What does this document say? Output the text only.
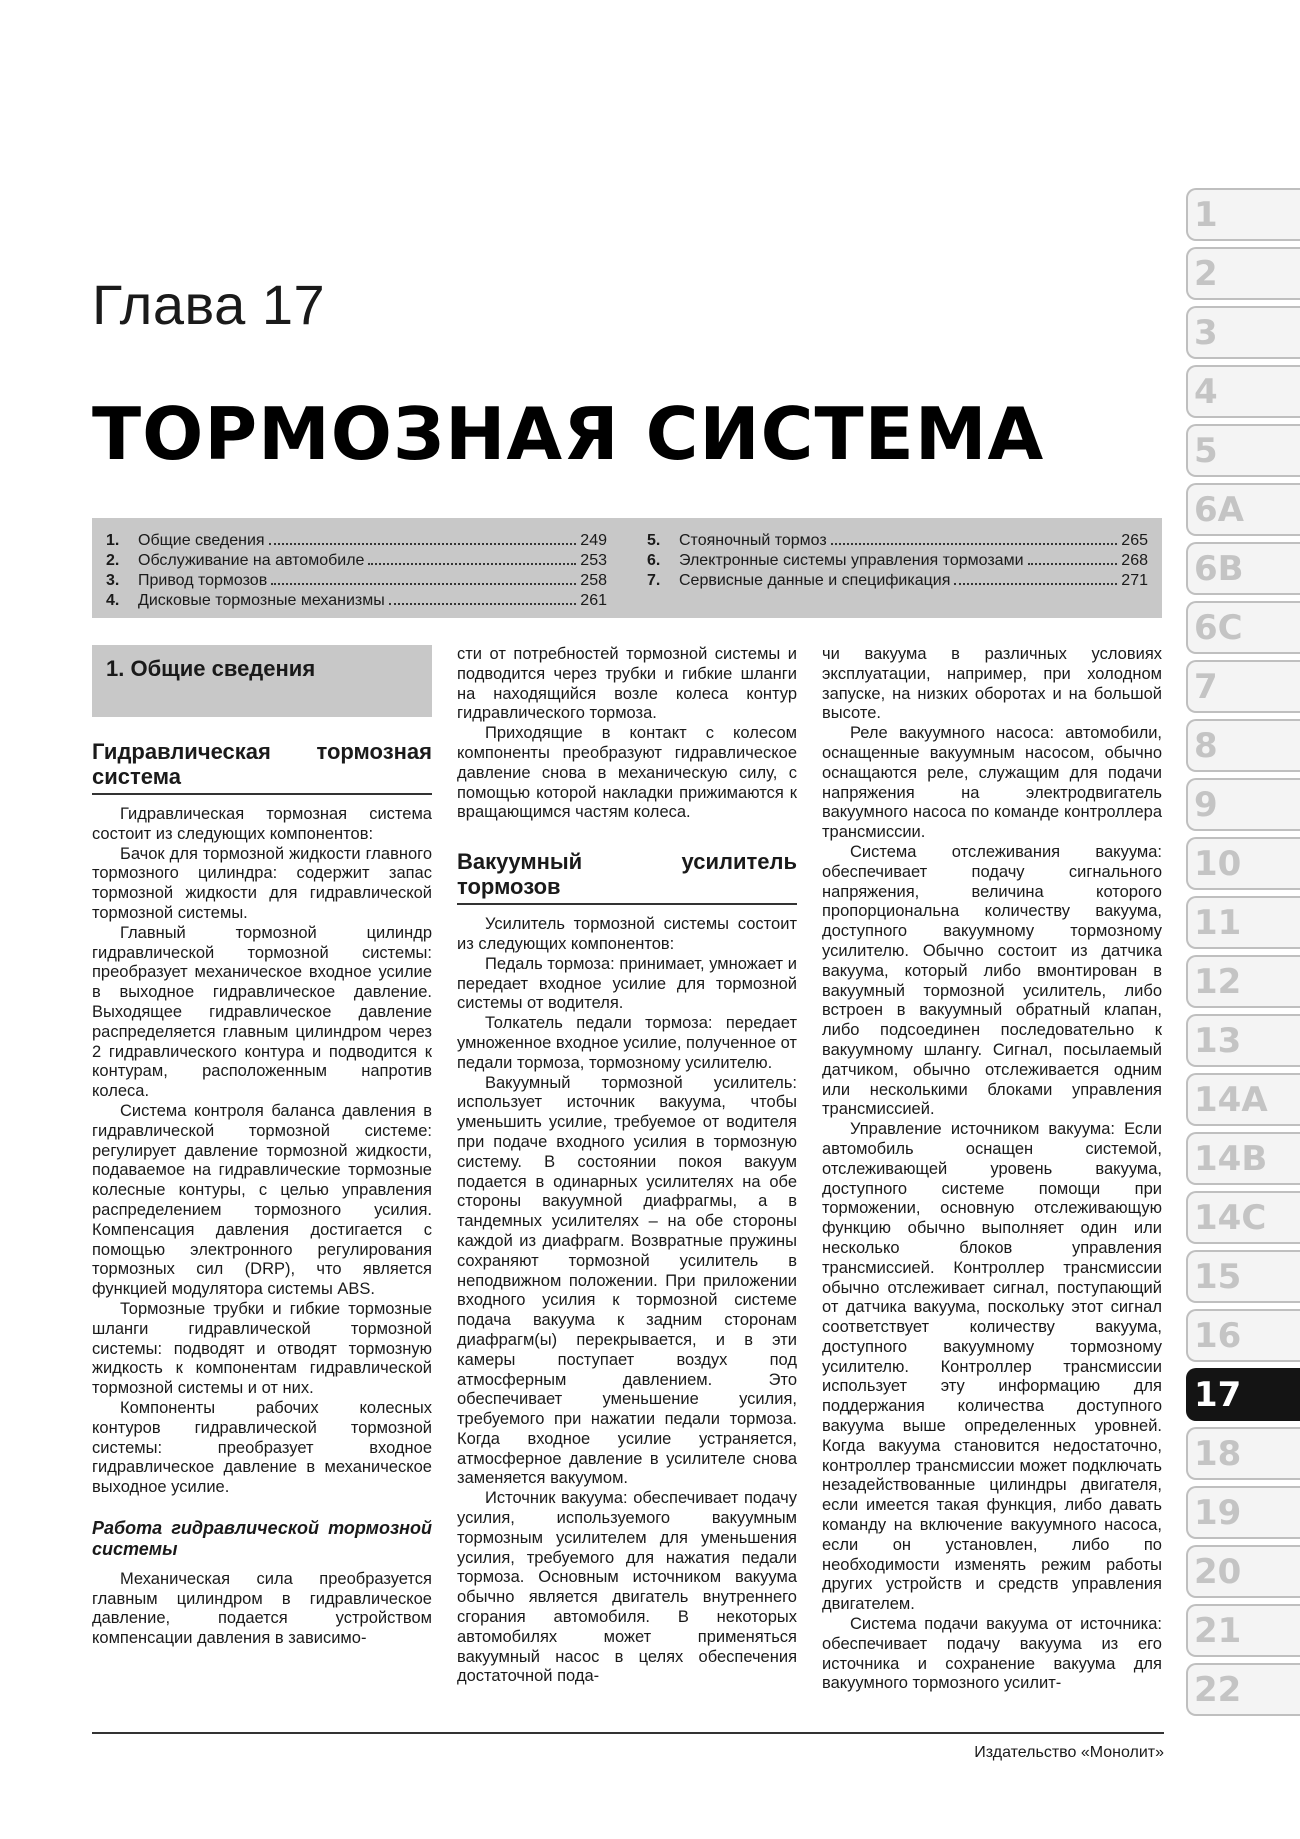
Глава 17
ТОРМОЗНАЯ СИСТЕМА
1.	Общие сведения	249
2.	Обслуживание на автомобиле	253
3.	Привод тормозов	258
4.	Дисковые тормозные механизмы	261
5.	Стояночный тормоз	265
6.	Электронные системы управления тормозами	268
7.	Сервисные данные и спецификация	271
1. Общие сведения
Гидравлическая тормозная система

Гидравлическая тормозная система состоит из следующих компонентов:

Бачок для тормозной жидкости главного тормозного цилиндра: содержит запас тормозной жидкости для гидравлической тормозной системы.

Главный тормозной цилиндр гидравлической тормозной системы: преобразует механическое входное усилие в выходное гидравлическое давление. Выходящее гидравлическое давление распределяется главным цилиндром через 2 гидравлического контура и подводится к контурам, расположенным напротив колеса.

Система контроля баланса давления в гидравлической тормозной системе: регулирует давление тормозной жидкости, подаваемое на гидравлические тормозные колесные контуры, с целью управления распределением тормозного усилия. Компенсация давления достигается с помощью электронного регулирования тормозных сил (DRP), что является функцией модулятора системы ABS.

Тормозные трубки и гибкие тормозные шланги гидравлической тормозной системы: подводят и отводят тормозную жидкость к компонентам гидравлической тормозной системы и от них.

Компоненты рабочих колесных контуров гидравлической тормозной системы: преобразует входное гидравлическое давление в механическое выходное усилие.

Работа гидравлической тормозной системы

Механическая сила преобразуется главным цилиндром в гидравлическое давление, подается устройством компенсации давления в зависимо-

сти от потребностей тормозной системы и подводится через трубки и гибкие шланги на находящийся возле колеса контур гидравлического тормоза.

Приходящие в контакт с колесом компоненты преобразуют гидравлическое давление снова в механическую силу, с помощью которой накладки прижимаются к вращающимся частям колеса.

Вакуумный усилитель тормозов

Усилитель тормозной системы состоит из следующих компонентов:

Педаль тормоза: принимает, умножает и передает входное усилие для тормозной системы от водителя.

Толкатель педали тормоза: передает умноженное входное усилие, полученное от педали тормоза, тормозному усилителю.

Вакуумный тормозной усилитель: использует источник вакуума, чтобы уменьшить усилие, требуемое от водителя при подаче входного усилия в тормозную систему. В состоянии покоя вакуум подается в одинарных усилителях на обе стороны вакуумной диафрагмы, а в тандемных усилителях – на обе стороны каждой из диафрагм. Возвратные пружины сохраняют тормозной усилитель в неподвижном положении. При приложении входного усилия к тормозной системе подача вакуума к задним сторонам диафрагм(ы) перекрывается, и в эти камеры поступает воздух под атмосферным давлением. Это обеспечивает уменьшение усилия, требуемого при нажатии педали тормоза. Когда входное усилие устраняется, атмосферное давление в усилителе снова заменяется вакуумом.

Источник вакуума: обеспечивает подачу усилия, используемого вакуумным тормозным усилителем для уменьшения усилия, требуемого для нажатия педали тормоза. Основным источником вакуума обычно является двигатель внутреннего сгорания автомобиля. В некоторых автомобилях может применяться вакуумный насос в целях обеспечения достаточной пода-

чи вакуума в различных условиях эксплуатации, например, при холодном запуске, на низких оборотах и на большой высоте.

Реле вакуумного насоса: автомобили, оснащенные вакуумным насосом, обычно оснащаются реле, служащим для подачи напряжения на электродвигатель вакуумного насоса по команде контроллера трансмиссии.

Система отслеживания вакуума: обеспечивает подачу сигнального напряжения, величина которого пропорциональна количеству вакуума, доступного вакуумному тормозному усилителю. Обычно состоит из датчика вакуума, который либо вмонтирован в вакуумный тормозной усилитель, либо встроен в вакуумный обратный клапан, либо подсоединен последовательно к вакуумному шлангу. Сигнал, посылаемый датчиком, обычно отслеживается одним или несколькими блоками управления трансмиссией.

Управление источником вакуума: Если автомобиль оснащен системой, отслеживающей уровень вакуума, доступного системе помощи при торможении, основную отслеживающую функцию обычно выполняет один или несколько блоков управления трансмиссией. Контроллер трансмиссии обычно отслеживает сигнал, поступающий от датчика вакуума, поскольку этот сигнал соответствует количеству вакуума, доступного вакуумному тормозному усилителю. Контроллер трансмиссии использует эту информацию для поддержания количества доступного вакуума выше определенных уровней. Когда вакуума становится недостаточно, контроллер трансмиссии может подключать незадействованные цилиндры двигателя, если имеется такая функция, либо давать команду на включение вакуумного насоса, если он установлен, либо по необходимости изменять режим работы других устройств и средств управления двигателем.

Система подачи вакуума от источника: обеспечивает подачу вакуума из его источника и сохранение вакуума для вакуумного тормозного усилит-

Издательство «Монолит»
1
2
3
4
5
6A
6B
6C
7
8
9
10
11
12
13
14A
14B
14C
15
16
17
18
19
20
21
22
